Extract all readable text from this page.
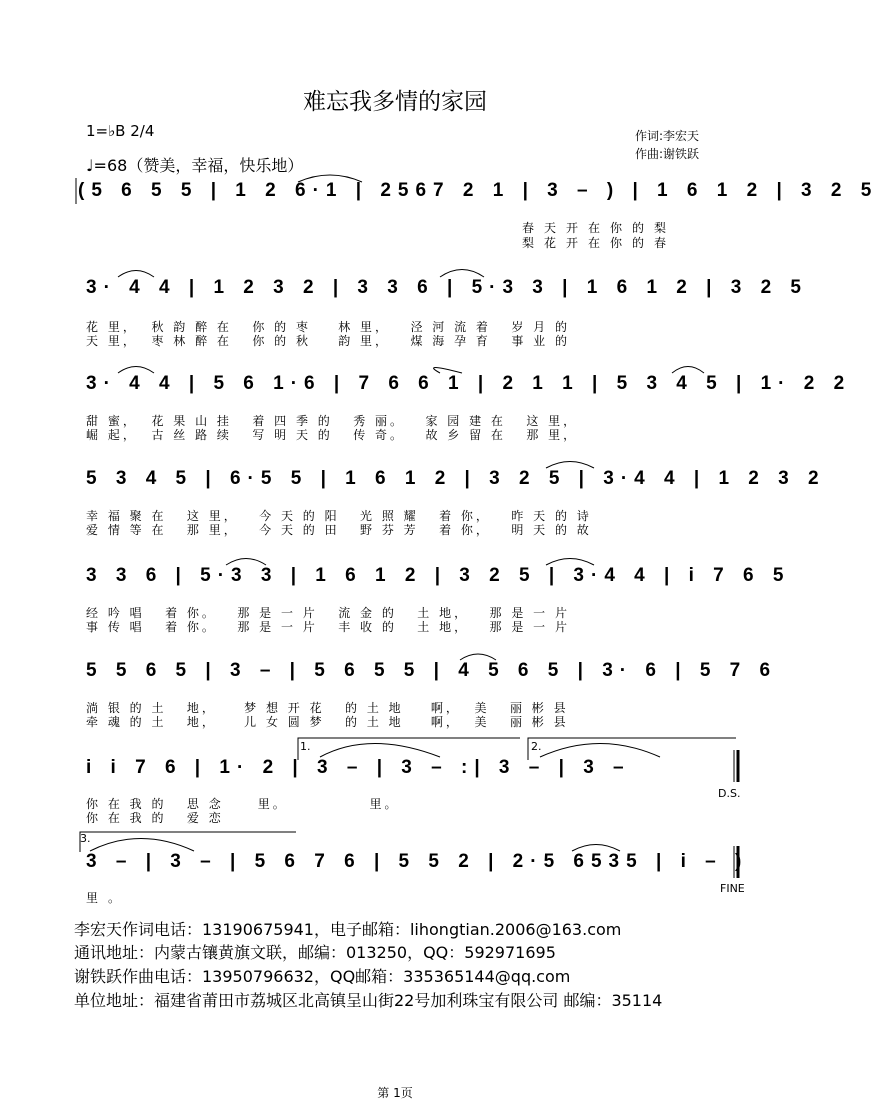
难忘我多情的家园
1=♭B 2/4
♩=68（赞美，幸福，快乐地）
作词:李宏天
作曲:谢铁跃
(5 6 5 5 | 1 2 6·1 | 2567 2 1 | 3 – ) | 1 6 1 2 | 3 2 5
春天开在你的梨
梨花开在你的春
3· 4 4 | 1 2 3 2 | 3 3 6 | 5·3 3 | 1 6 1 2 | 3 2 5
花 里，  秋 韵 醉 在   你 的 枣    林 里，   泾 河 流 着   岁 月 的
天 里，  枣 林 醉 在   你 的 秋    韵 里，   煤 海 孕 育   事 业 的
3· 4 4 | 5 6 1·6 | 7 6 6 1 | 2 1 1 | 5 3 4 5 | 1· 2 2
甜 蜜，  花 果 山 挂   着 四 季 的   秀 丽。   家 园 建 在   这 里，
崛 起，  古 丝 路 续   写 明 天 的   传 奇。   故 乡 留 在   那 里，
5 3 4 5 | 6·5 5 | 1 6 1 2 | 3 2 5 | 3·4 4 | 1 2 3 2
幸 福 聚 在   这 里，   今 天 的 阳   光 照 耀   着 你，   昨 天 的 诗
爱 情 等 在   那 里，   今 天 的 田   野 芬 芳   着 你，   明 天 的 故
3 3 6 | 5·3 3 | 1 6 1 2 | 3 2 5 | 3·4 4 | i 7 6 5
经 吟 唱   着 你。   那 是 一 片   流 金 的   土 地，   那 是 一 片
事 传 唱   着 你。   那 是 一 片   丰 收 的   土 地，   那 是 一 片
5 5 6 5 | 3 – | 5 6 5 5 | 4 5 6 5 | 3· 6 | 5 7 6
淌 银 的 土   地，    梦 想 开 花   的 土 地    啊，  美   丽 彬 县
牵 魂 的 土   地，    儿 女 圆 梦   的 土 地    啊，  美   丽 彬 县
1.	2.
i i 7 6 | 1· 2 | 3 – | 3 – :| 3 – | 3 –
D.S.
你 在 我 的   思 念     里。            里。
你 在 我 的   爱 恋
3.
3 – | 3 – | 5 6 7 6 | 5 5 2 | 2·5 6535 | i – )
FINE
里。
李宏天作词电话：13190675941，电子邮箱：lihongtian.2006@163.com
通讯地址：内蒙古镶黄旗文联，邮编：013250，QQ：592971695
谢铁跃作曲电话：13950796632，QQ邮箱：335365144@qq.com
单位地址：福建省莆田市荔城区北高镇呈山街22号加利珠宝有限公司 邮编：35114
第 1页
